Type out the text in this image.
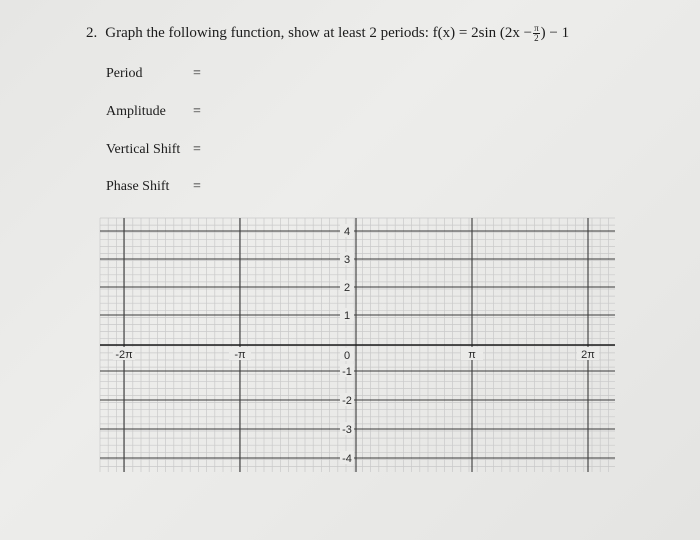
2. Graph the following function, show at least 2 periods: f(x) = 2sin ($2x - \frac{\pi}{2}$ ) − 1
Period	=
Amplitude =
Vertical Shift =
Phase Shift =
4
3
2
1
0
-1
-2
-3
-4
-2π	-π	π	2π
